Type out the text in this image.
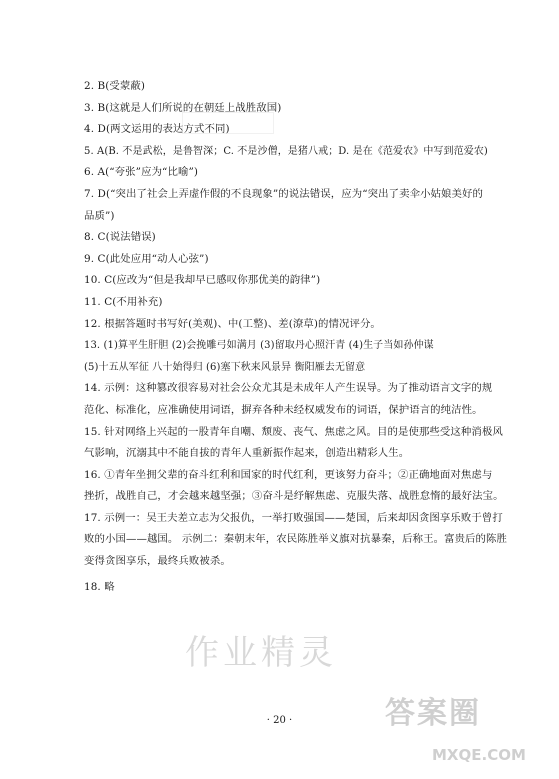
2. B(受蒙蔽)
3. B(这就是人们所说的在朝廷上战胜敌国)
4. D(两文运用的表达方式不同)
5. A(B. 不是武松，是鲁智深；C. 不是沙僧，是猪八戒；D. 是在《范爱农》中写到范爱农)
6. A(“夸张”应为“比喻”)
7. D(“突出了社会上弄虚作假的不良现象”的说法错误，应为“突出了卖伞小姑娘美好的
品质”)
8. C(说法错误)
9. C(此处应用“动人心弦”)
10. C(应改为“但是我却早已感叹你那优美的韵律”)
11. C(不用补充)
12. 根据答题时书写好(美观)、中(工整)、差(潦草)的情况评分。
13. (1)算平生肝胆 (2)会挽雕弓如满月 (3)留取丹心照汗青 (4)生子当如孙仲谋
(5)十五从军征 八十始得归 (6)塞下秋来风景异 衡阳雁去无留意
14. 示例：这种篡改很容易对社会公众尤其是未成年人产生误导。为了推动语言文字的规
范化、标准化，应准确使用词语，摒弃各种未经权威发布的词语，保护语言的纯洁性。
15. 针对网络上兴起的一股青年自嘲、颓废、丧气、焦虑之风。目的是使那些受这种消极风
气影响，沉溺其中不能自拔的青年人重新振作起来，创造出精彩人生。
16. ①青年坐拥父辈的奋斗红利和国家的时代红利，更该努力奋斗；②正确地面对焦虑与
挫折，战胜自己，才会越来越坚强；③奋斗是纾解焦虑、克服失落、战胜怠惰的最好法宝。
17. 示例一：吴王夫差立志为父报仇，一举打败强国——楚国，后来却因贪图享乐败于曾打
败的小国——越国。 示例二：秦朝末年，农民陈胜举义旗对抗暴秦，后称王。富贵后的陈胜
变得贪图享乐，最终兵败被杀。
18. 略
作业精灵
答案圈
MXQE.COM
· 20 ·
